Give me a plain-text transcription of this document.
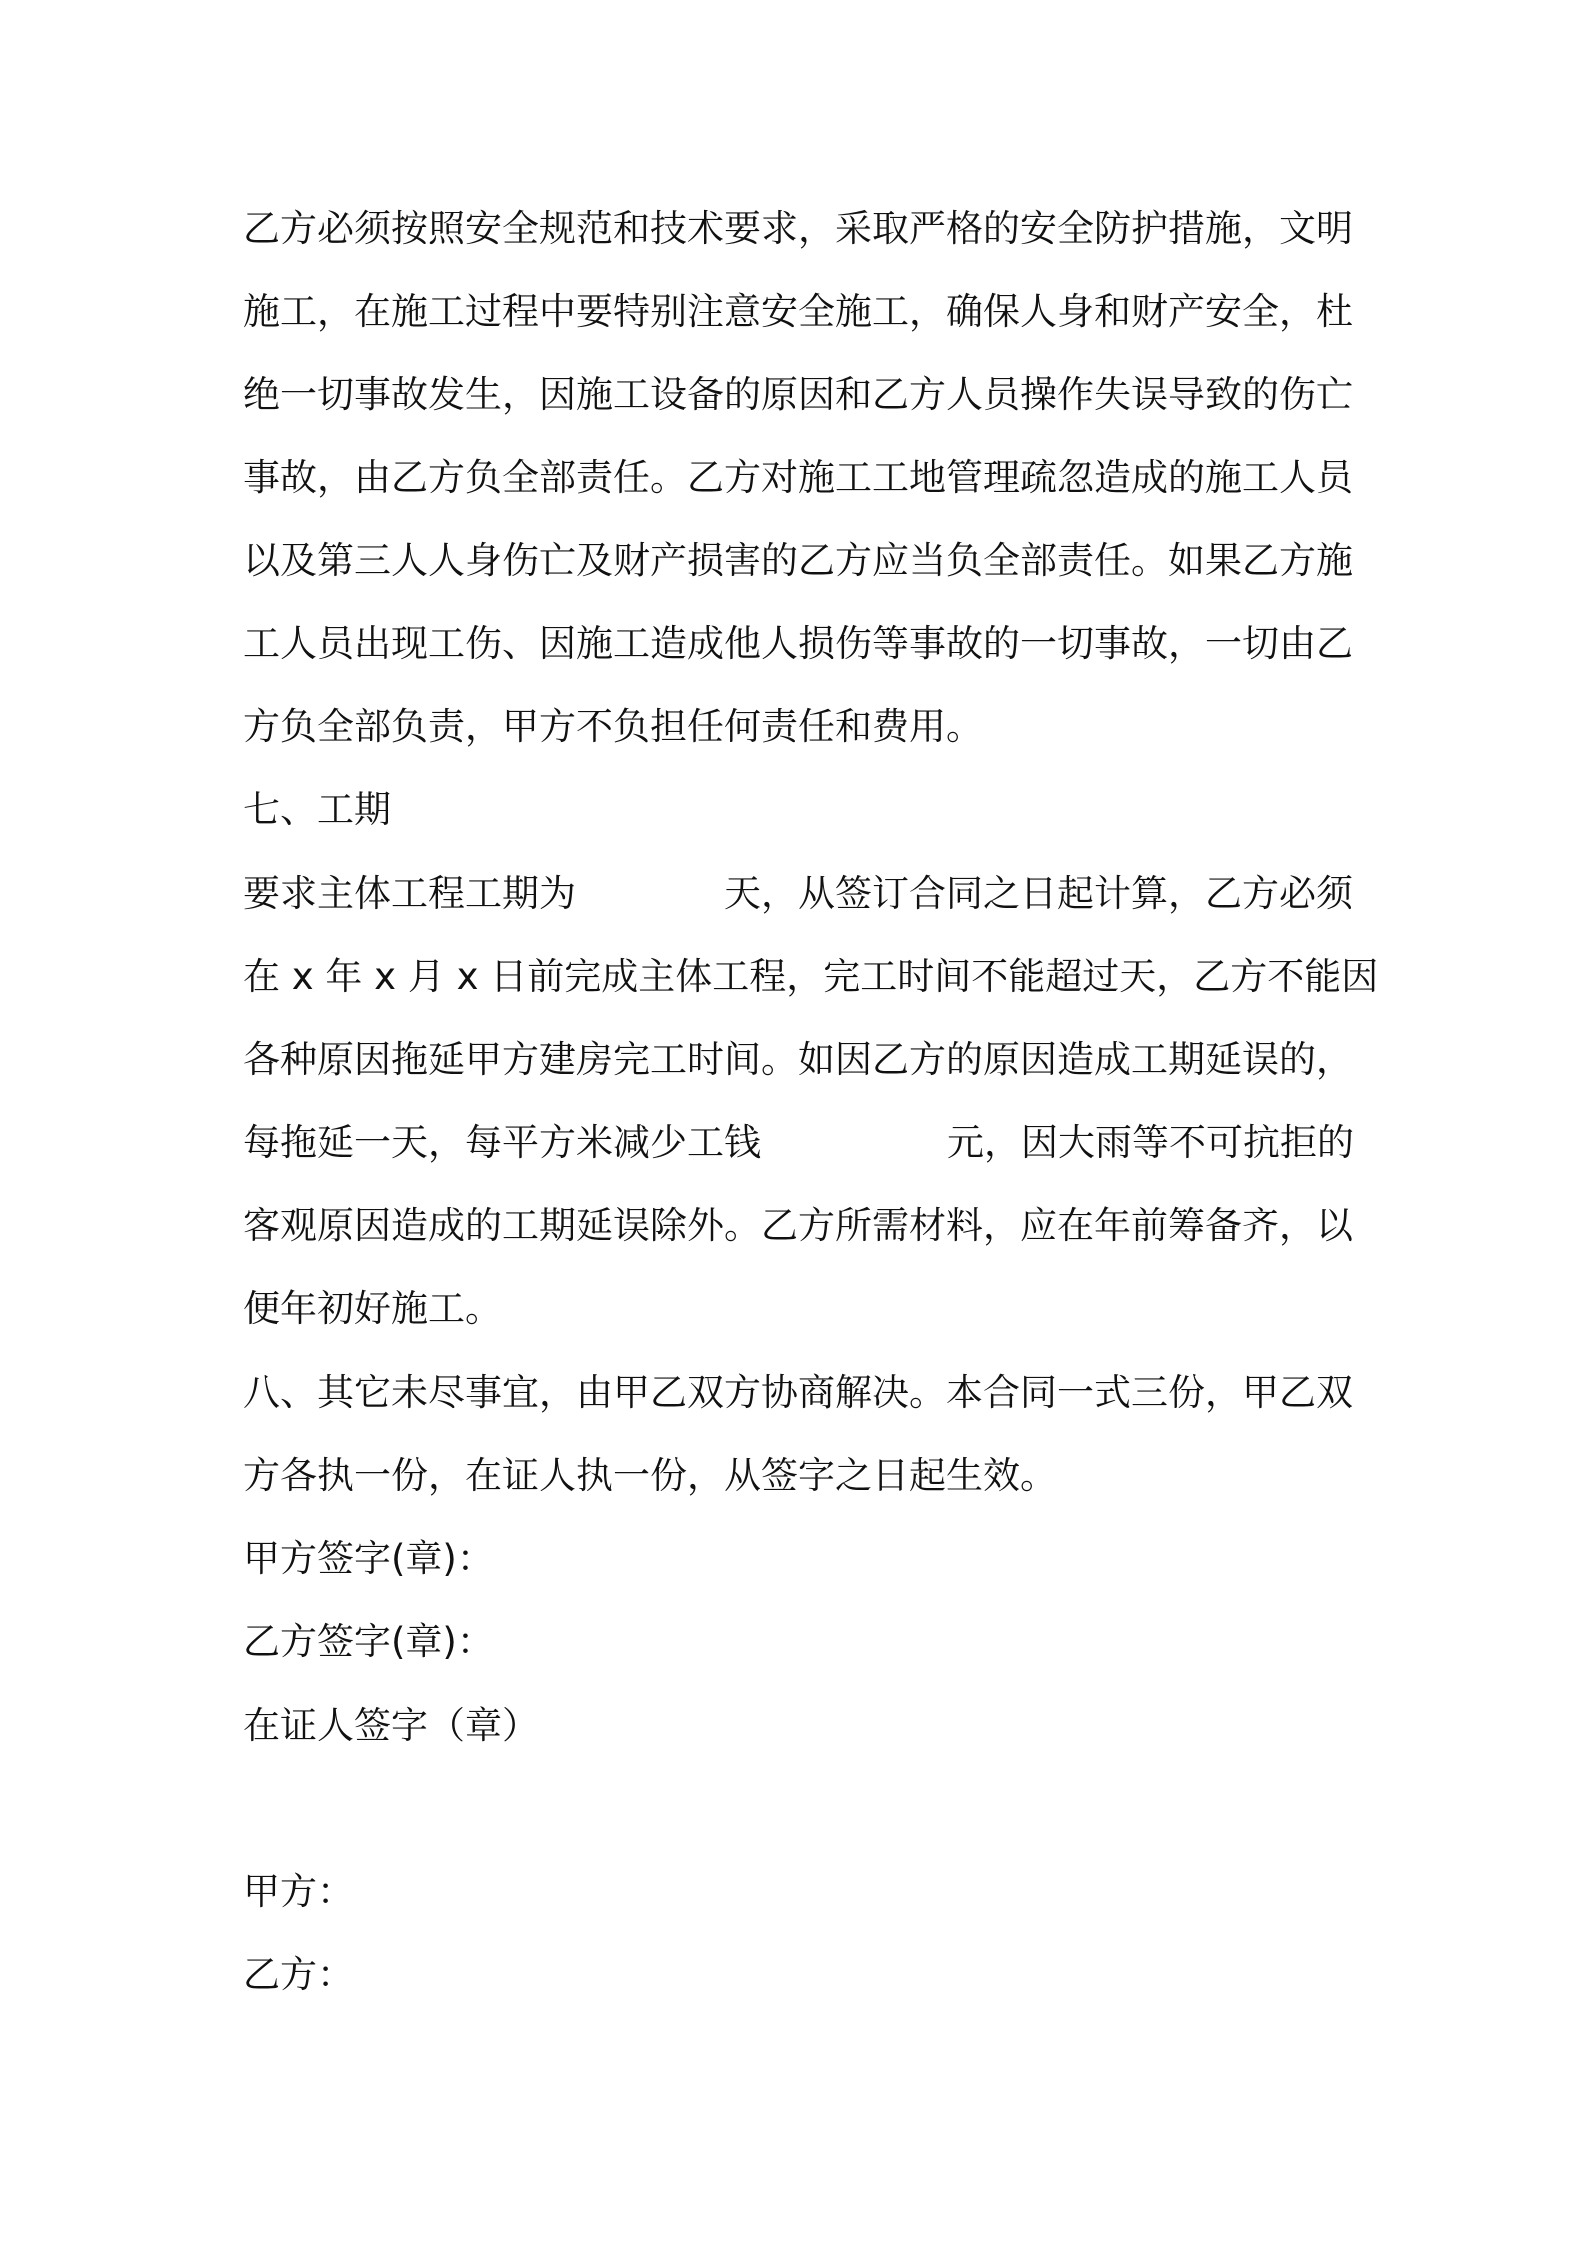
乙方必须按照安全规范和技术要求，采取严格的安全防护措施，文明
施工，在施工过程中要特别注意安全施工，确保人身和财产安全，杜
绝一切事故发生，因施工设备的原因和乙方人员操作失误导致的伤亡
事故，由乙方负全部责任。乙方对施工工地管理疏忽造成的施工人员
以及第三人人身伤亡及财产损害的乙方应当负全部责任。如果乙方施
工人员出现工伤、因施工造成他人损伤等事故的一切事故，一切由乙
方负全部负责，甲方不负担任何责任和费用。
七、工期
要求主体工程工期为	天，从签订合同之日起计算，乙方必须
在 x 年 x 月 x 日前完成主体工程，完工时间不能超过天，乙方不能因
各种原因拖延甲方建房完工时间。如因乙方的原因造成工期延误的，
每拖延一天，每平方米减少工钱	元，因大雨等不可抗拒的
客观原因造成的工期延误除外。乙方所需材料，应在年前筹备齐，以
便年初好施工。
八、其它未尽事宜，由甲乙双方协商解决。本合同一式三份，甲乙双
方各执一份，在证人执一份，从签字之日起生效。
甲方签字(章)：
乙方签字(章)：
在证人签字（章）
甲方：
乙方：
